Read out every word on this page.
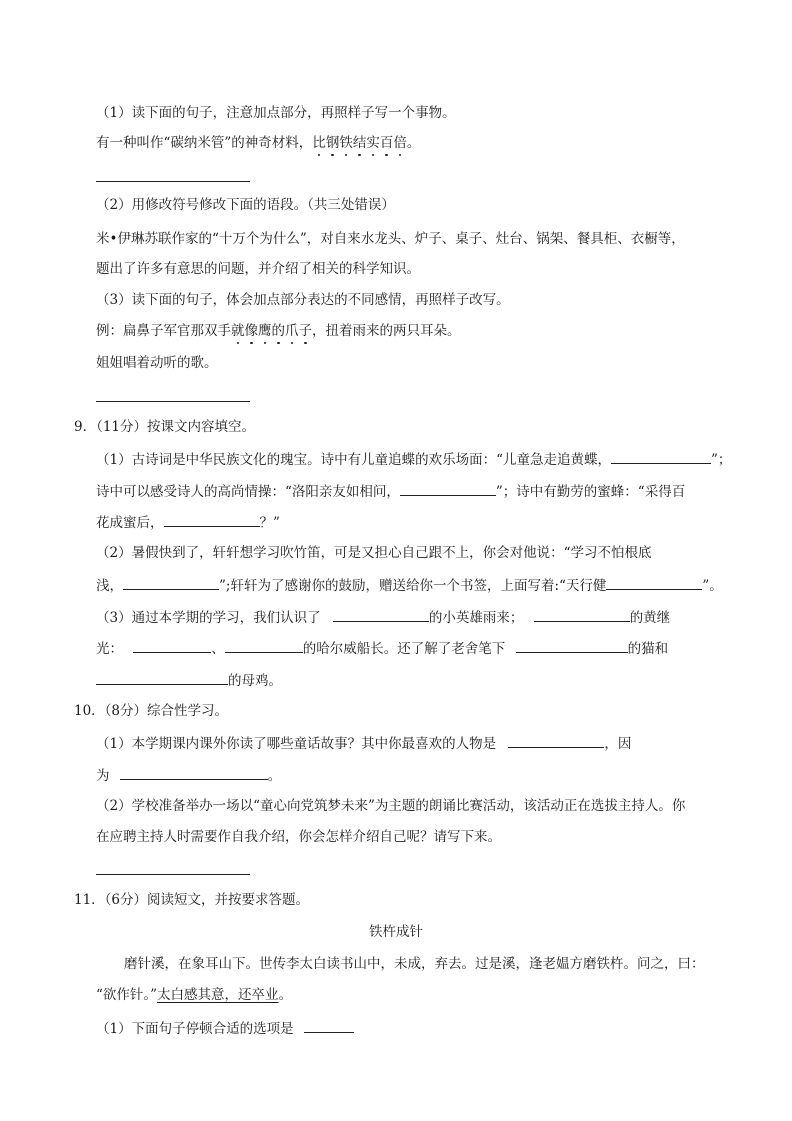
（1）读下面的句子，注意加点部分，再照样子写一个事物。
有一种叫作“碳纳米管”的神奇材料，比钢铁结实百倍。
（2）用修改符号修改下面的语段。（共三处错误）
米•伊琳苏联作家的“十万个为什么”，对自来水龙头、炉子、桌子、灶台、锅架、餐具柜、衣橱等，
题出了许多有意思的问题，并介绍了相关的科学知识。
（3）读下面的句子，体会加点部分表达的不同感情，再照样子改写。
例：扁鼻子军官那双手就像鹰的爪子，扭着雨来的两只耳朵。
姐姐唱着动听的歌。
9．（11分）按课文内容填空。
（1）古诗词是中华民族文化的瑰宝。诗中有儿童追蝶的欢乐场面：“儿童急走追黄蝶，	”；
诗中可以感受诗人的高尚情操：“洛阳亲友如相问，	”；诗中有勤劳的蜜蜂：“采得百
花成蜜后，	？”
（2）暑假快到了，轩轩想学习吹竹笛，可是又担心自己跟不上，你会对他说：“学习不怕根底
浅，	”;轩轩为了感谢你的鼓励，赠送给你一个书签，上面写着:“天行健	”。
（3）通过本学期的学习，我们认识了	的小英雄雨来；	的黄继
光：	、	的哈尔威船长。还了解了老舍笔下	的猫和
的母鸡。
10．（8分）综合性学习。
（1）本学期课内课外你读了哪些童话故事？其中你最喜欢的人物是	，因
为	。
（2）学校准备举办一场以“童心向党筑梦未来”为主题的朗诵比赛活动，该活动正在选拔主持人。你
在应聘主持人时需要作自我介绍，你会怎样介绍自己呢？请写下来。
11．（6分）阅读短文，并按要求答题。
铁杵成针
磨针溪，在象耳山下。世传李太白读书山中，未成，弃去。过是溪，逢老媪方磨铁杵。问之，曰：
“欲作针。”太白感其意，还卒业。
（1）下面句子停顿合适的选项是
